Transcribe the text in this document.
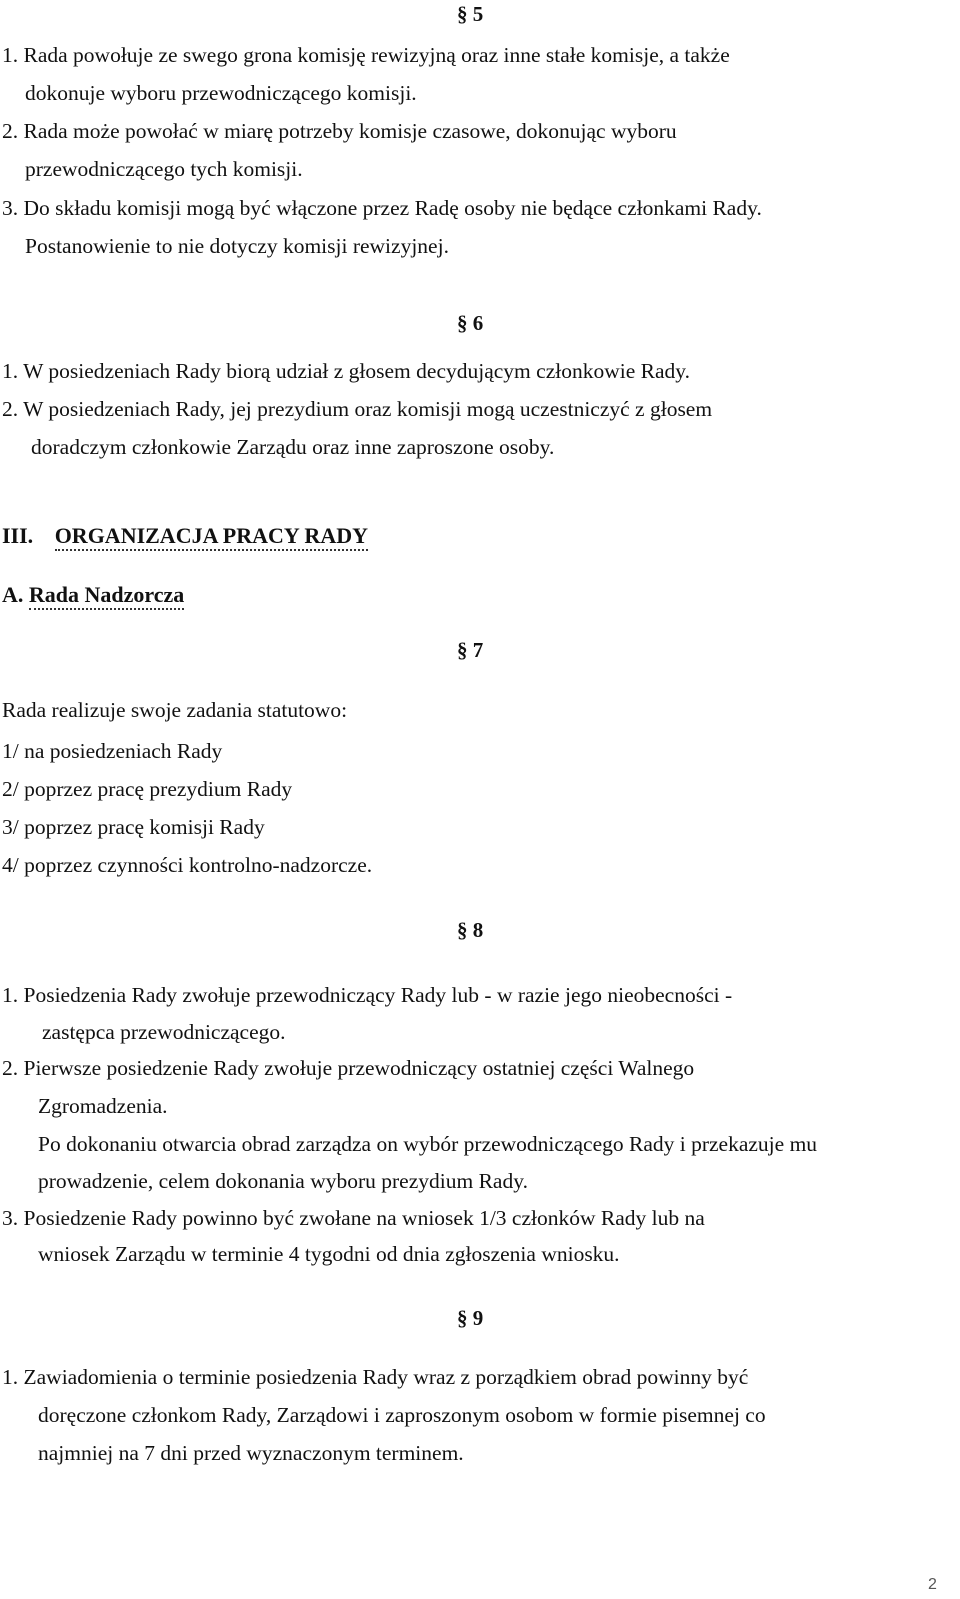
§ 5
1. Rada powołuje ze swego grona komisję rewizyjną oraz inne stałe komisje, a także
dokonuje wyboru przewodniczącego komisji.
2. Rada może powołać w miarę potrzeby komisje czasowe, dokonując wyboru
przewodniczącego tych komisji.
3. Do składu komisji mogą być włączone przez Radę osoby nie będące członkami Rady.
Postanowienie to nie dotyczy komisji rewizyjnej.
§ 6
1. W posiedzeniach Rady biorą udział z głosem decydującym członkowie Rady.
2. W posiedzeniach Rady, jej prezydium oraz komisji mogą uczestniczyć z głosem
doradczym członkowie Zarządu oraz inne zaproszone osoby.
III. ORGANIZACJA PRACY RADY
A. Rada Nadzorcza
§ 7
Rada realizuje swoje zadania statutowo:
1/ na posiedzeniach Rady
2/ poprzez pracę prezydium Rady
3/ poprzez pracę komisji Rady
4/ poprzez czynności kontrolno-nadzorcze.
§ 8
1. Posiedzenia Rady zwołuje przewodniczący Rady lub - w razie jego nieobecności -
zastępca przewodniczącego.
2. Pierwsze posiedzenie Rady zwołuje przewodniczący ostatniej części Walnego
Zgromadzenia.
Po dokonaniu otwarcia obrad zarządza on wybór przewodniczącego Rady i przekazuje mu
prowadzenie, celem dokonania wyboru prezydium Rady.
3. Posiedzenie Rady powinno być zwołane na wniosek 1/3 członków Rady lub na
wniosek Zarządu w terminie 4 tygodni od dnia zgłoszenia wniosku.
§ 9
1. Zawiadomienia o terminie posiedzenia Rady wraz z porządkiem obrad powinny być
doręczone członkom Rady, Zarządowi i zaproszonym osobom w formie pisemnej co
najmniej na 7 dni przed wyznaczonym terminem.
2
